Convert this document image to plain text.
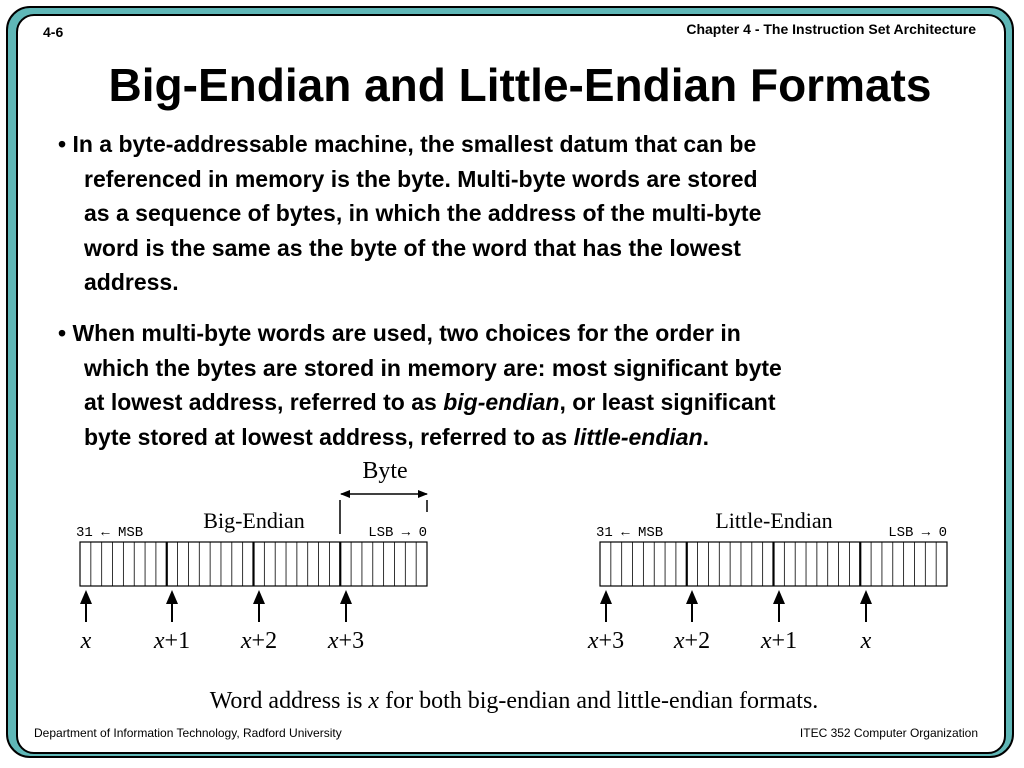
4-6	Chapter 4 - The Instruction Set Architecture
Big-Endian and Little-Endian Formats
• In a byte-addressable machine, the smallest datum that can be
referenced in memory is the byte. Multi-byte words are stored
as a sequence of bytes, in which the address of the multi-byte
word is the same as the byte of the word that has the lowest
address.
• When multi-byte words are used, two choices for the order in
which the bytes are stored in memory are: most significant byte
at lowest address, referred to as big-endian, or least significant
byte stored at lowest address, referred to as little-endian.
Byte
31 ← MSB	Big-Endian	LSB → 0
x	x+1 x+2 x+3
31 ← MSB Little-Endian	LSB → 0
x+3 x+2 x+1	x
Word address is x for both big-endian and little-endian formats.
Department of Information Technology, Radford University	ITEC 352 Computer Organization
